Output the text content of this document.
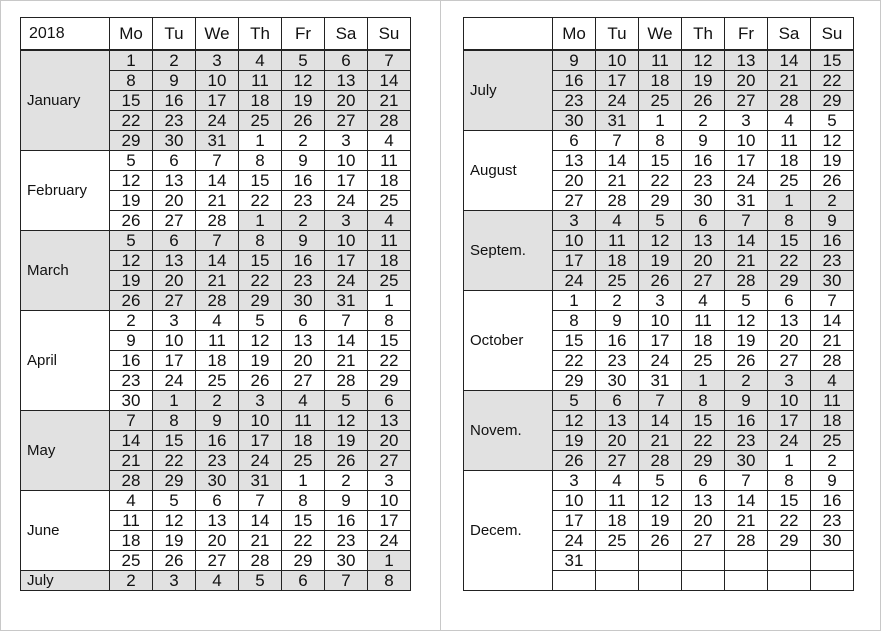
2018	Mo	Tu	We	Th	Fr	Sa	Su
January	1	2	3	4	5	6	7
	8	9	10	11	12	13	14
	15	16	17	18	19	20	21
	22	23	24	25	26	27	28
	29	30	31	1	2	3	4
February	5	6	7	8	9	10	11
	12	13	14	15	16	17	18
	19	20	21	22	23	24	25
	26	27	28	1	2	3	4
March	5	6	7	8	9	10	11
	12	13	14	15	16	17	18
	19	20	21	22	23	24	25
	26	27	28	29	30	31	1
April	2	3	4	5	6	7	8
	9	10	11	12	13	14	15
	16	17	18	19	20	21	22
	23	24	25	26	27	28	29
	30	1	2	3	4	5	6
May	7	8	9	10	11	12	13
	14	15	16	17	18	19	20
	21	22	23	24	25	26	27
	28	29	30	31	1	2	3
June	4	5	6	7	8	9	10
	11	12	13	14	15	16	17
	18	19	20	21	22	23	24
	25	26	27	28	29	30	1
July	2	3	4	5	6	7	8
	Mo	Tu	We	Th	Fr	Sa	Su
July	9	10	11	12	13	14	15
	16	17	18	19	20	21	22
	23	24	25	26	27	28	29
	30	31	1	2	3	4	5
August	6	7	8	9	10	11	12
	13	14	15	16	17	18	19
	20	21	22	23	24	25	26
	27	28	29	30	31	1	2
Septem.	3	4	5	6	7	8	9
	10	11	12	13	14	15	16
	17	18	19	20	21	22	23
	24	25	26	27	28	29	30
October	1	2	3	4	5	6	7
	8	9	10	11	12	13	14
	15	16	17	18	19	20	21
	22	23	24	25	26	27	28
	29	30	31	1	2	3	4
Novem.	5	6	7	8	9	10	11
	12	13	14	15	16	17	18
	19	20	21	22	23	24	25
	26	27	28	29	30	1	2
Decem.	3	4	5	6	7	8	9
	10	11	12	13	14	15	16
	17	18	19	20	21	22	23
	24	25	26	27	28	29	30
	31						
